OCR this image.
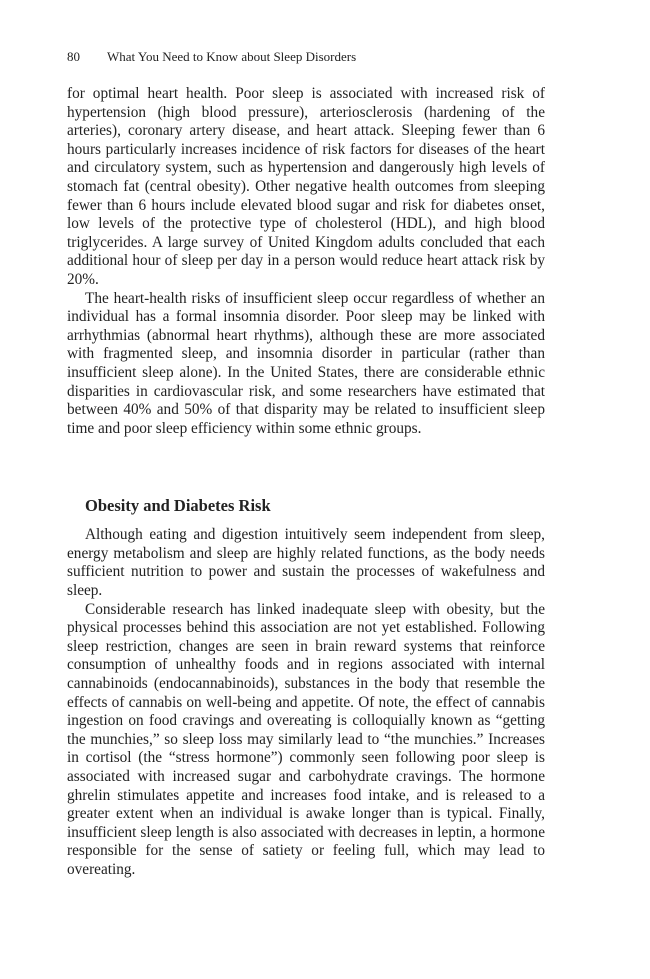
80 What You Need to Know about Sleep Disorders

for optimal heart health. Poor sleep is associated with increased risk of hypertension (high blood pressure), arteriosclerosis (hardening of the arteries), coronary artery disease, and heart attack. Sleeping fewer than 6 hours particularly increases incidence of risk factors for diseases of the heart and circulatory system, such as hypertension and dangerously high levels of stomach fat (central obesity). Other negative health outcomes from sleeping fewer than 6 hours include elevated blood sugar and risk for diabetes onset, low levels of the protective type of cholesterol (HDL), and high blood triglycerides. A large survey of United Kingdom adults concluded that each additional hour of sleep per day in a person would reduce heart attack risk by 20%.

The heart-health risks of insufficient sleep occur regardless of whether an individual has a formal insomnia disorder. Poor sleep may be linked with arrhythmias (abnormal heart rhythms), although these are more associated with fragmented sleep, and insomnia disorder in particular (rather than insufficient sleep alone). In the United States, there are considerable ethnic disparities in cardiovascular risk, and some researchers have estimated that between 40% and 50% of that disparity may be related to insufficient sleep time and poor sleep efficiency within some ethnic groups.

Obesity and Diabetes Risk

Although eating and digestion intuitively seem independent from sleep, energy metabolism and sleep are highly related functions, as the body needs sufficient nutrition to power and sustain the processes of wakefulness and sleep.

Considerable research has linked inadequate sleep with obesity, but the physical processes behind this association are not yet established. Following sleep restriction, changes are seen in brain reward systems that reinforce consumption of unhealthy foods and in regions associated with internal cannabinoids (endocannabinoids), substances in the body that resemble the effects of cannabis on well-being and appetite. Of note, the effect of cannabis ingestion on food cravings and overeating is colloquially known as “getting the munchies,” so sleep loss may similarly lead to “the munchies.” Increases in cortisol (the “stress hormone”) commonly seen following poor sleep is associated with increased sugar and carbohydrate cravings. The hormone ghrelin stimulates appetite and increases food intake, and is released to a greater extent when an individual is awake longer than is typical. Finally, insufficient sleep length is also associated with decreases in leptin, a hormone responsible for the sense of satiety or feeling full, which may lead to overeating.
